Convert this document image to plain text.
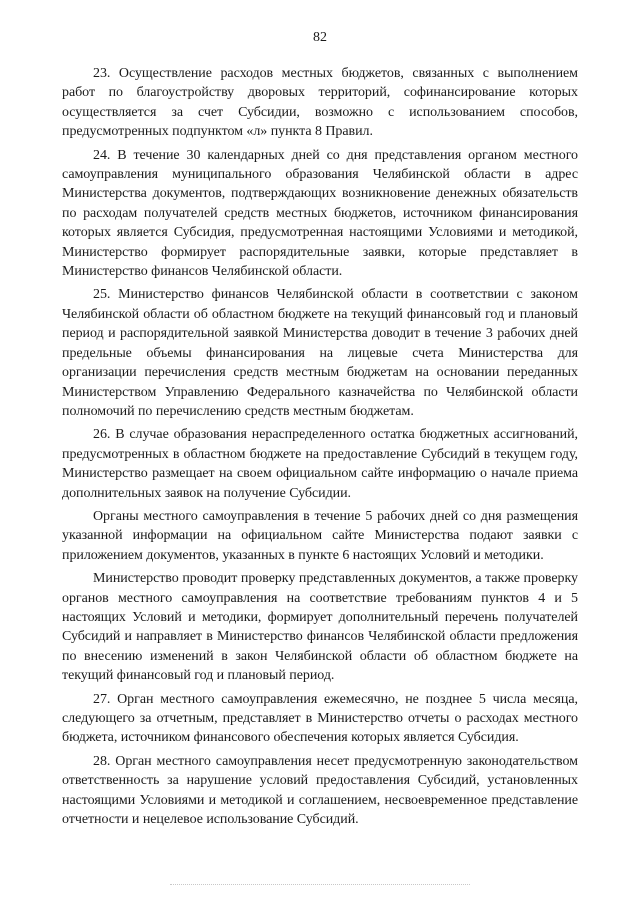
82

23. Осуществление расходов местных бюджетов, связанных с выполнением работ по благоустройству дворовых территорий, софинансирование которых осуществляется за счет Субсидии, возможно с использованием способов, предусмотренных подпунктом «л» пункта 8 Правил.

24. В течение 30 календарных дней со дня представления органом местного самоуправления муниципального образования Челябинской области в адрес Министерства документов, подтверждающих возникновение денежных обязательств по расходам получателей средств местных бюджетов, источником финансирования которых является Субсидия, предусмотренная настоящими Условиями и методикой, Министерство формирует распорядительные заявки, которые представляет в Министерство финансов Челябинской области.

25. Министерство финансов Челябинской области в соответствии с законом Челябинской области об областном бюджете на текущий финансовый год и плановый период и распорядительной заявкой Министерства доводит в течение 3 рабочих дней предельные объемы финансирования на лицевые счета Министерства для организации перечисления средств местным бюджетам на основании переданных Министерством Управлению Федерального казначейства по Челябинской области полномочий по перечислению средств местным бюджетам.

26. В случае образования нераспределенного остатка бюджетных ассигнований, предусмотренных в областном бюджете на предоставление Субсидий в текущем году, Министерство размещает на своем официальном сайте информацию о начале приема дополнительных заявок на получение Субсидии.

Органы местного самоуправления в течение 5 рабочих дней со дня размещения указанной информации на официальном сайте Министерства подают заявки с приложением документов, указанных в пункте 6 настоящих Условий и методики.

Министерство проводит проверку представленных документов, а также проверку органов местного самоуправления на соответствие требованиям пунктов 4 и 5 настоящих Условий и методики, формирует дополнительный перечень получателей Субсидий и направляет в Министерство финансов Челябинской области предложения по внесению изменений в закон Челябинской области об областном бюджете на текущий финансовый год и плановый период.

27. Орган местного самоуправления ежемесячно, не позднее 5 числа месяца, следующего за отчетным, представляет в Министерство отчеты о расходах местного бюджета, источником финансового обеспечения которых является Субсидия.

28. Орган местного самоуправления несет предусмотренную законодательством ответственность за нарушение условий предоставления Субсидий, установленных настоящими Условиями и методикой и соглашением, несвоевременное представление отчетности и нецелевое использование Субсидий.
